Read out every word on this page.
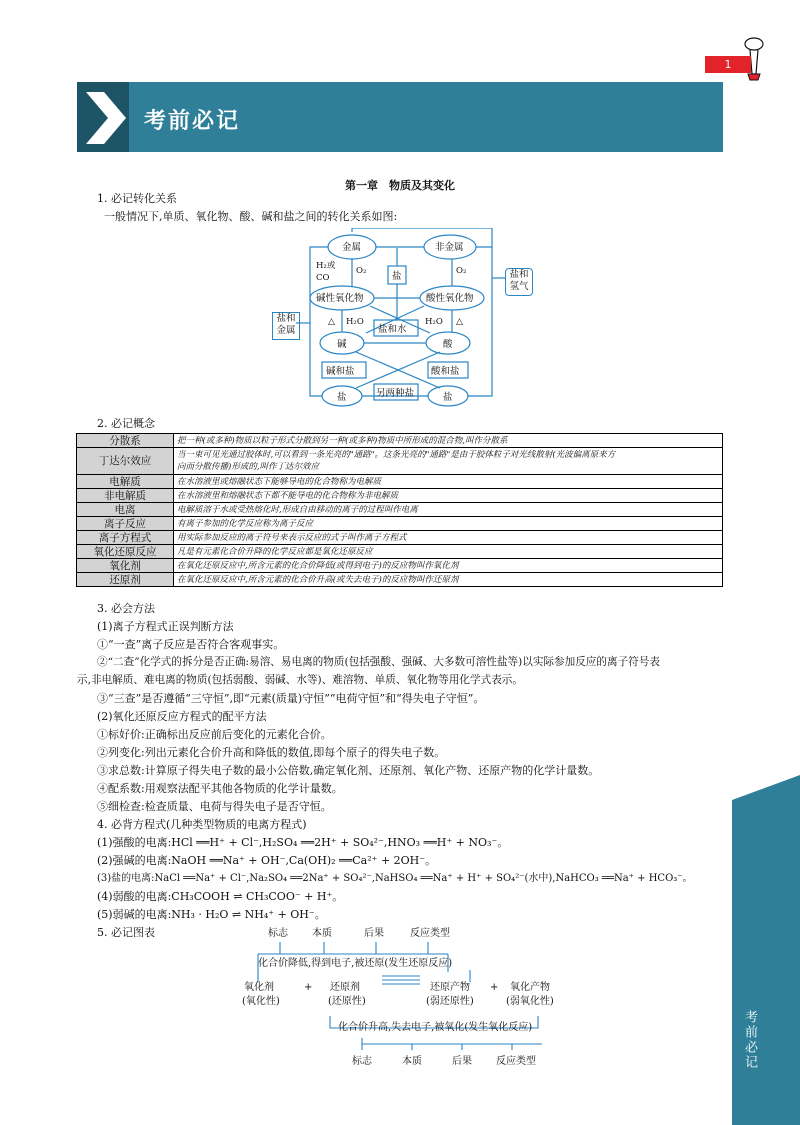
1
考前必记
考前必记
第一章　物质及其变化
1. 必记转化关系
一般情况下,单质、氧化物、酸、碱和盐之间的转化关系如图:
金属	非金属
盐
H₂或
CO
O₂	O₂
碱性氧化物	酸性氧化物
盐和水
H₂O	H₂O
△	△
碱	酸
碱和盐	酸和盐
另两种盐
盐	盐
盐和
金属
盐和
氢气
2. 必记概念
分散系	把一种(或多种)物质以粒子形式分散到另一种(或多种)物质中所形成的混合物,叫作分散系
丁达尔效应	当一束可见光通过胶体时,可以看到一条光亮的"通路"。这条光亮的"通路"是由于胶体粒子对光线散射(光波偏离原来方
向而分散传播)形成的,叫作丁达尔效应

电解质	在水溶液里或熔融状态下能够导电的化合物称为电解质
非电解质	在水溶液里和熔融状态下都不能导电的化合物称为非电解质
电离	电解质溶于水或受热熔化时,形成自由移动的离子的过程叫作电离
离子反应	有离子参加的化学反应称为离子反应
离子方程式	用实际参加反应的离子符号来表示反应的式子叫作离子方程式
氧化还原反应	凡是有元素化合价升降的化学反应都是氧化还原反应
氧化剂	在氧化还原反应中,所含元素的化合价降低(或得到电子)的反应物叫作氧化剂
还原剂	在氧化还原反应中,所含元素的化合价升高(或失去电子)的反应物叫作还原剂
3. 必会方法
(1)离子方程式正误判断方法
①“一查”离子反应是否符合客观事实。
②“二查”化学式的拆分是否正确:易溶、易电离的物质(包括强酸、强碱、大多数可溶性盐等)以实际参加反应的离子符号表
示,非电解质、难电离的物质(包括弱酸、弱碱、水等)、难溶物、单质、氧化物等用化学式表示。
③“三查”是否遵循“三守恒”,即“元素(质量)守恒”“电荷守恒”和“得失电子守恒”。
(2)氧化还原反应方程式的配平方法
①标好价:正确标出反应前后变化的元素化合价。
②列变化:列出元素化合价升高和降低的数值,即每个原子的得失电子数。
③求总数:计算原子得失电子数的最小公倍数,确定氧化剂、还原剂、氧化产物、还原产物的化学计量数。
④配系数:用观察法配平其他各物质的化学计量数。
⑤细检查:检查质量、电荷与得失电子是否守恒。
4. 必背方程式(几种类型物质的电离方程式)
(1)强酸的电离:HCl ══H⁺ + Cl⁻,H₂SO₄ ══2H⁺ + SO₄²⁻,HNO₃ ══H⁺ + NO₃⁻。
(2)强碱的电离:NaOH ══Na⁺ + OH⁻,Ca(OH)₂ ══Ca²⁺ + 2OH⁻。
(3)盐的电离:NaCl ══Na⁺ + Cl⁻,Na₂SO₄ ══2Na⁺ + SO₄²⁻,NaHSO₄ ══Na⁺ + H⁺ + SO₄²⁻(水中),NaHCO₃ ══Na⁺ + HCO₃⁻。
(4)弱酸的电离:CH₃COOH ⇌ CH₃COO⁻ + H⁺。
(5)弱碱的电离:NH₃ · H₂O ⇌ NH₄⁺ + OH⁻。
5. 必记图表	标志 本质	后果	反应类型
化合价降低,得到电子,被还原(发生还原反应)
氧化剂
(氧化性)
+ 还原剂
(还原性)
还原产物
(弱还原性)
+ 氧化产物
(弱氧化性)
化合价升高,失去电子,被氧化(发生氧化反应)
标志	本质	后果 反应类型
